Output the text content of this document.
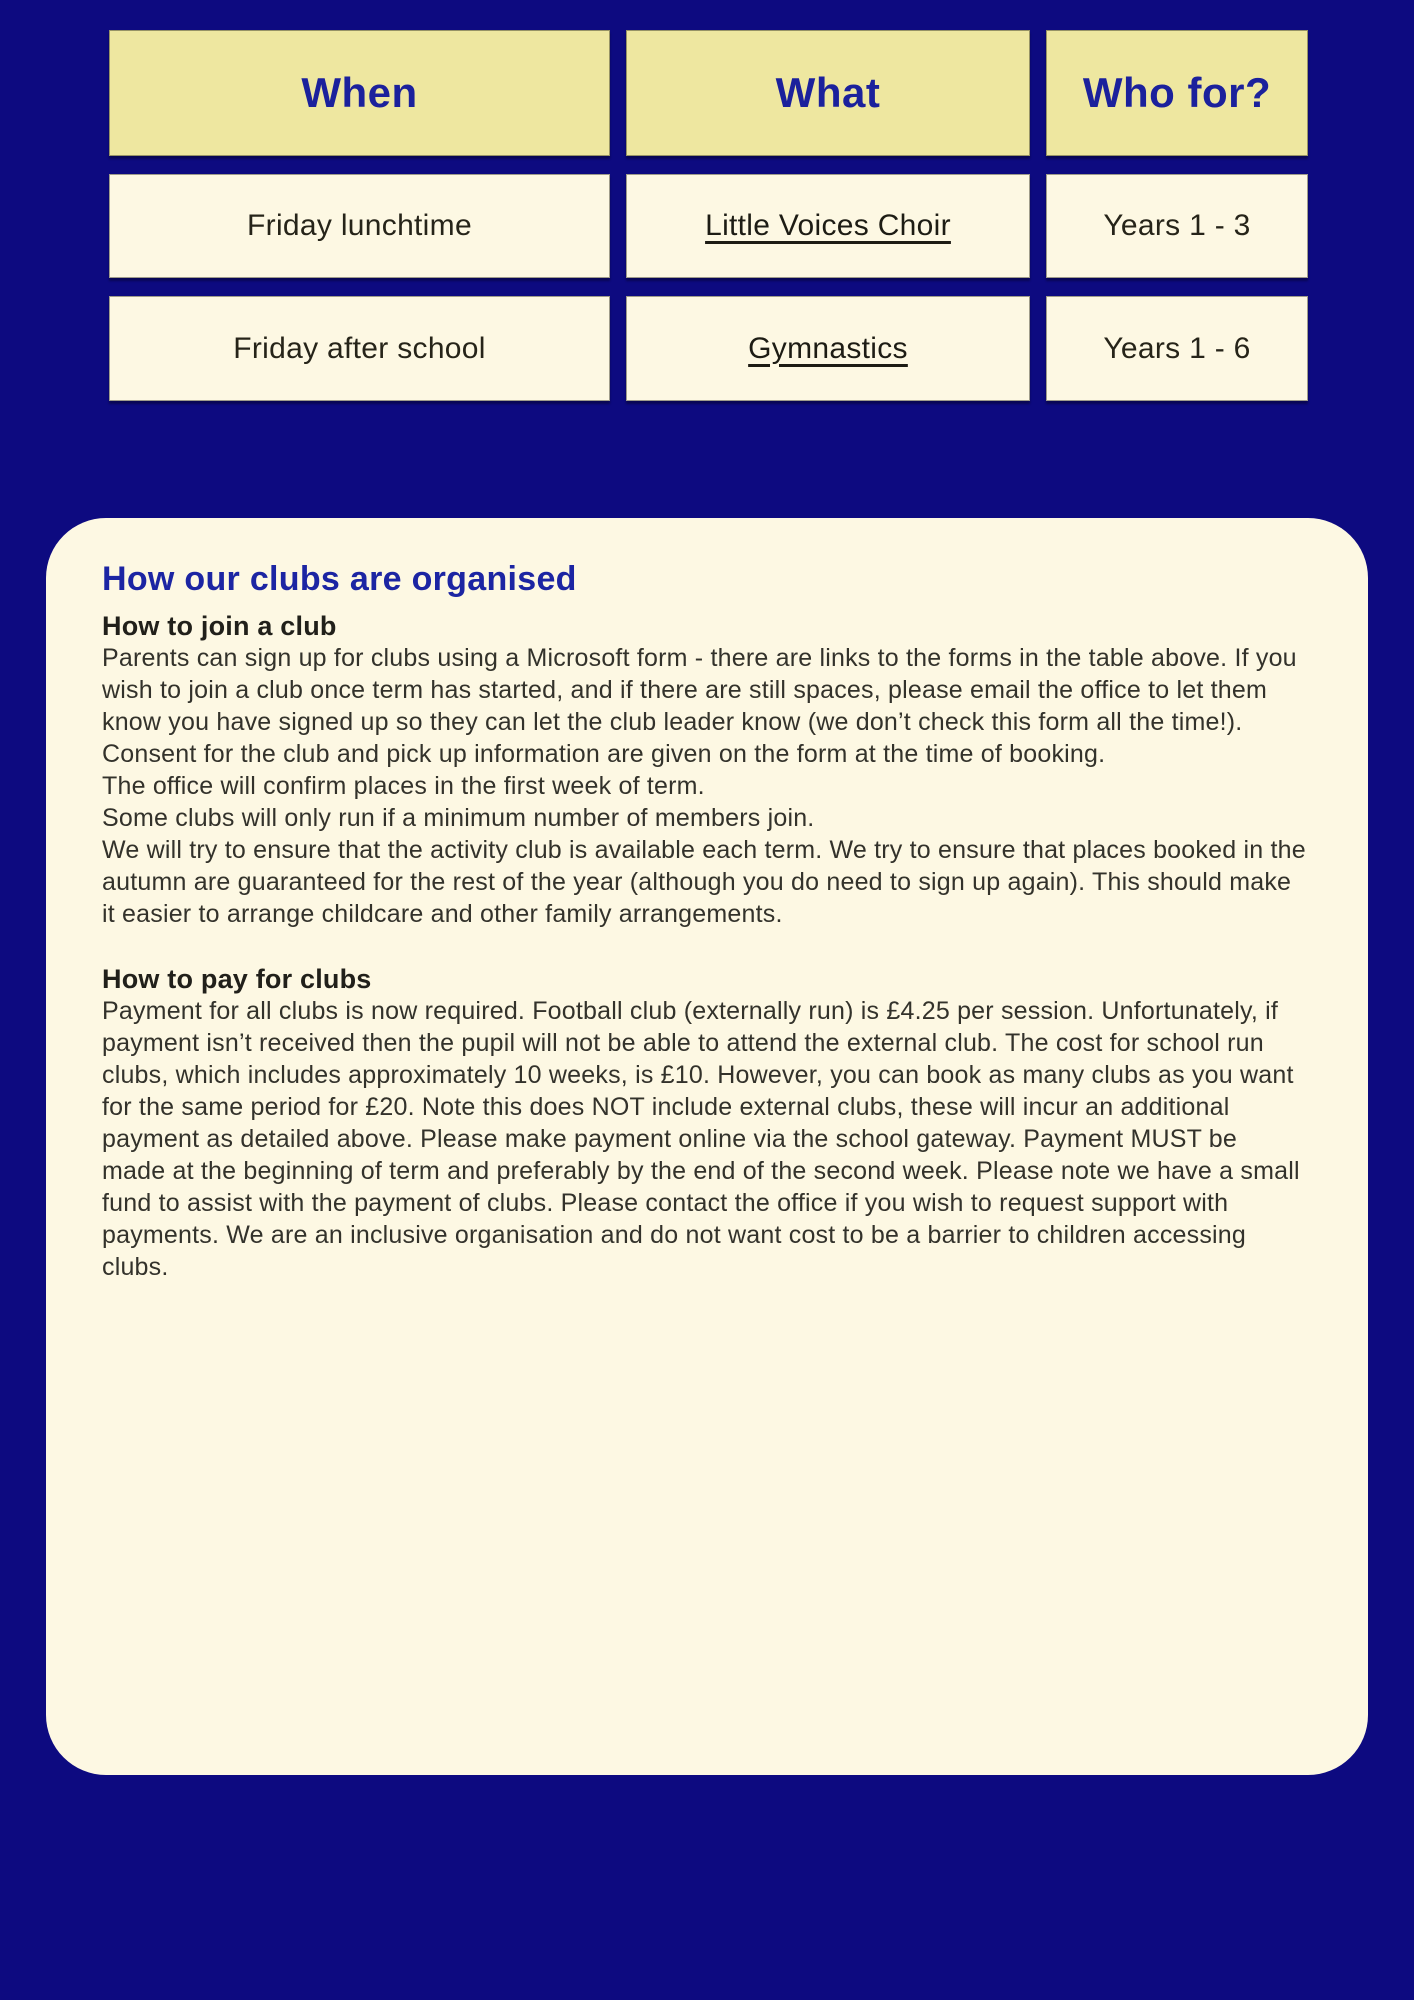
When	What	Who for?
Friday lunchtime	Little Voices Choir	Years 1 - 3
Friday after school	Gymnastics	Years 1 - 6
How our clubs are organised
How to join a club

Parents can sign up for clubs using a Microsoft form - there are links to the forms in the table above. If you wish to join a club once term has started, and if there are still spaces, please email the office to let them know you have signed up so they can let the club leader know (we don’t check this form all the time!).

Consent for the club and pick up information are given on the form at the time of booking.

The office will confirm places in the first week of term.

Some clubs will only run if a minimum number of members join.

We will try to ensure that the activity club is available each term. We try to ensure that places booked in the autumn are guaranteed for the rest of the year (although you do need to sign up again). This should make it easier to arrange childcare and other family arrangements.

How to pay for clubs

Payment for all clubs is now required. Football club (externally run) is £4.25 per session. Unfortunately, if payment isn’t received then the pupil will not be able to attend the external club. The cost for school run clubs, which includes approximately 10 weeks, is £10. However, you can book as many clubs as you want for the same period for £20. Note this does NOT include external clubs, these will incur an additional payment as detailed above. Please make payment online via the school gateway. Payment MUST be made at the beginning of term and preferably by the end of the second week. Please note we have a small fund to assist with the payment of clubs. Please contact the office if you wish to request support with payments. We are an inclusive organisation and do not want cost to be a barrier to children accessing clubs.
